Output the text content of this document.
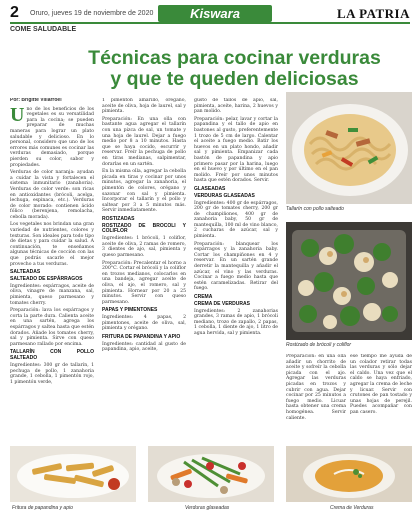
2 Oruro, jueves 19 de noviembre de 2020	Kiswara	LA PATRIA
COME SALUDABLE
Técnicas para cocinar verduras
y que te queden deliciosas
Por: Brigitte Villarroel

Uno de los beneficios de los vegetales es su versatilidad para la cocina; se pueden preparar de muchas maneras para lograr un plato saludable y delicioso. En lo personal, considero que uno de los errores más comunes es cocinar las verduras demasiado, porque pierden su color, sabor y propiedades.

Verduras de color naranja: ayudan a cuidar la vista y fortalecen el sistema inmunitario (zanahoria). Verduras de color verde: son ricas en antioxidantes (brócoli, acelga, lechuga, espinaca, etc.). Verduras de color morado: contienen ácido fólico (berenjena, remolacha, cebolla morada).

Los vegetales nos brindan una gran variedad de nutrientes, colores y texturas. Son ideales para todo tipo de dietas y para cuidar la salud. A continuación, te enseñamos algunas técnicas de cocción con las que podrás sacarle el mejor provecho a tus verduras.

SALTEADAS
SALTEADO DE ESPÁRRAGOS

Ingredientes: espárragos, aceite de oliva, vinagre de manzana, sal, pimienta, queso parmesano y tomates cherry.

Preparación: lava los espárragos y corta la parte dura. Calienta aceite en una sartén, agrega los espárragos y saltea hasta que estén dorados. Añade los tomates cherry, sal y pimienta. Sirve con queso parmesano rallado por encima.

TALLARÍN CON POLLO SALTEADO

Ingredientes: 300 gr de tallarín, 1 pechuga de pollo, 1 zanahoria grande, 1 cebolla, 1 pimentón rojo, 1 pimentón verde,

1 pimentón amarillo, orégano, aceite de oliva, hoja de laurel, sal y pimienta.

Preparación: En una olla con bastante agua agregar el tallarín con una pizca de sal, un tomate y una hoja de laurel. Dejar a fuego medio por 8 a 10 minutos. Hasta que se haya cocido, escurrir y reservar. Freír la pechuga de pollo en tiras medianas, salpimentar, dorarlas en un sartén.

En la misma olla, agregar la cebolla picada en tiras y cocinar por unos minutos, agregar la zanahoria, el pimentón de colores, orégano y sazonar con sal y pimienta. Incorporar el tallarín y el pollo y saltear por 3 a 5 minutos más. Servir inmediatamente.

ROSTIZADAS
ROSTIZADO DE BROCOLI Y COLIFLOR

Ingredientes: 1 brócoli, 1 coliflor, aceite de oliva, 2 ramas de romero, 3 dientes de ajo, sal, pimienta y queso parmesano.

Preparación: Precalentar el horno a 200°C. Cortar el brócoli y la coliflor en trozos medianos, colocarlos en una bandeja, agregar aceite de oliva, el ajo, el romero, sal y pimienta. Hornear por 20 a 25 minutos. Servir con queso parmesano.

PAPAS Y PIMENTONES

Ingredientes: 4 papas, 2 pimentones, aceite de oliva, sal, pimienta y orégano.

FRITURA DE PAPANDINA Y APIO

Ingredientes: cantidad al gusto de papandina, apio, aceite,

gusto de tallos de apio, sal, pimienta, aceite, harina, 2 huevos y pan molido.

Preparación: pelar, lavar y cortar la papandina y el tallo de apio en bastones al gusto, preferentemente 1 trozo de 5 cm de largo. Calentar el aceite a fuego medio. Batir los huevos en un plato hondo, añadir sal y pimienta. Empanizar cada bastón de papandina y apio primero pasar por la harina, luego en el huevo y por último en el pan molido. Freír por unos minutos hasta que estén dorados. Servir.

GLASEADAS
VERDURAS GLASEADAS

Ingredientes: 400 gr de espárragos, 200 gr de tomates cherry, 200 gr de champiñones, 400 gr de zanahoria baby, 50 gr de mantequilla, 100 ml de vino blanco, 2 cucharas de azúcar, sal y pimienta.

Preparación: blanquear los espárragos y la zanahoria baby. Cortar los champiñones en 4 y reservar. En un sartén grande derretir la mantequilla y añadir el azúcar, el vino y las verduras. Cocinar a fuego medio hasta que estén caramelizadas. Retirar del fuego.

CREMA
CREMA DE VERDURAS

Ingredientes: 2 zanahorias grandes, 3 ramas de apio, 1 brócoli mediano, trozo de zapallo, 2 papas, 1 cebolla, 1 diente de ajo, 1 litro de agua hervida, sal y pimienta.

Tallarín con pollo salteado
Rostizado de brócoli y coliflor

Preparación: en una olla añadir un chorrito de aceite y sofreír la cebolla picada con el ajo. Agregar las verduras picadas en trozos y cubrir con agua. Dejar cocinar por 25 minutos a fuego medio. Licuar hasta obtener una crema homogénea. Servir caliente.

ese tiempo me ayuda de un colador retirar todas las verduras y sólo dejar el caldo. Una vez que el caldo se haya enfriado, agregar la crema de leche y licuar. Servir con crutones de pan tostado y unas hojas de perejil. Puedes acompañar con pan casero.

Fritura de papandina y apio	Verduras glaseadas	Crema de Verduras
